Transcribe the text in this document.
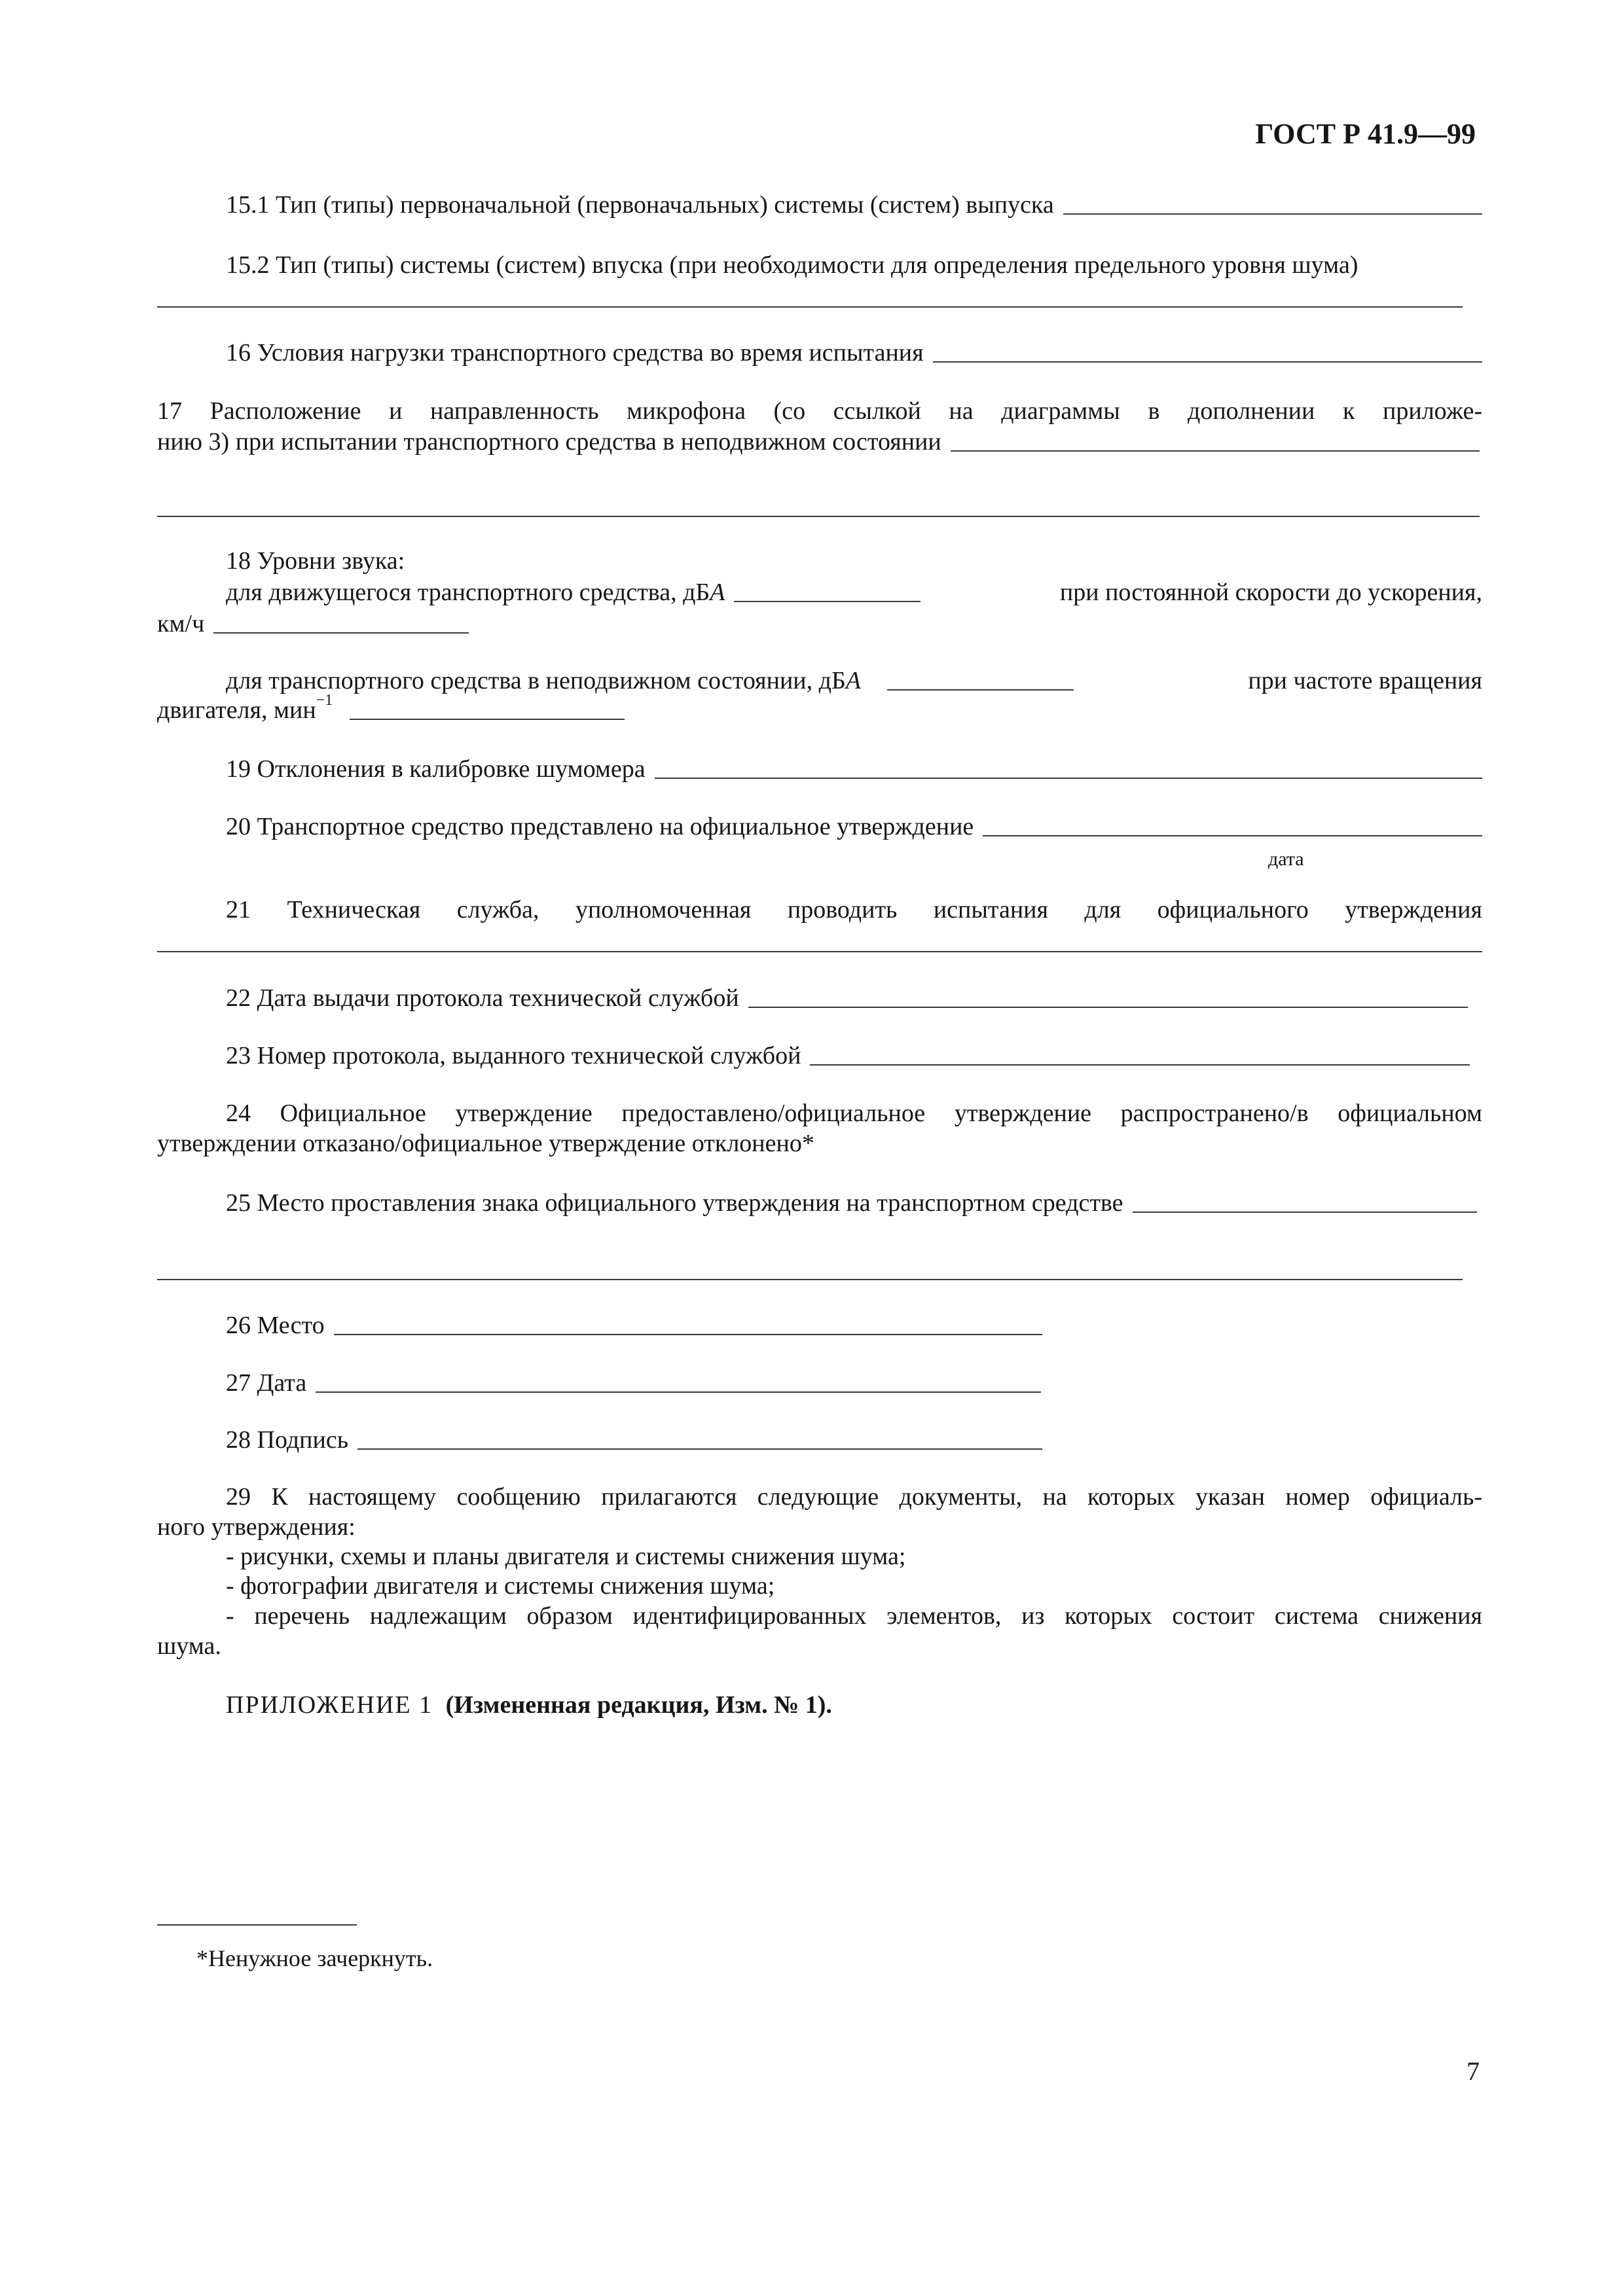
ГОСТ Р 41.9—99
15.1 Тип (типы) первоначальной (первоначальных) системы (систем) выпуска
15.2 Тип (типы) системы (систем) впуска (при необходимости для определения предельного уровня шума)
16 Условия нагрузки транспортного средства во время испытания
17 Расположение и направленность микрофона (со ссылкой на диаграммы в дополнении к приложе-
нию 3) при испытании транспортного средства в неподвижном состоянии
18 Уровни звука:
для движущегося транспортного средства, дБA	при постоянной скорости до ускорения,
км/ч
для транспортного средства в неподвижном состоянии, дБA	при частоте вращения
двигателя, мин$^{-1}$
19 Отклонения в калибровке шумомера
20 Транспортное средство представлено на официальное утверждение
дата
21 Техническая служба, уполномоченная проводить испытания для официального утверждения
22 Дата выдачи протокола технической службой
23 Номер протокола, выданного технической службой
24 Официальное утверждение предоставлено/официальное утверждение распространено/в официальном
утверждении отказано/официальное утверждение отклонено*
25 Место проставления знака официального утверждения на транспортном средстве
26 Место
27 Дата
28 Подпись
29 К настоящему сообщению прилагаются следующие документы, на которых указан номер официаль-
ного утверждения:
- рисунки, схемы и планы двигателя и системы снижения шума;
- фотографии двигателя и системы снижения шума;
- перечень надлежащим образом идентифицированных элементов, из которых состоит система снижения
шума.
ПРИЛОЖЕНИЕ 1 (Измененная редакция, Изм. № 1).
*Ненужное зачеркнуть.
7
